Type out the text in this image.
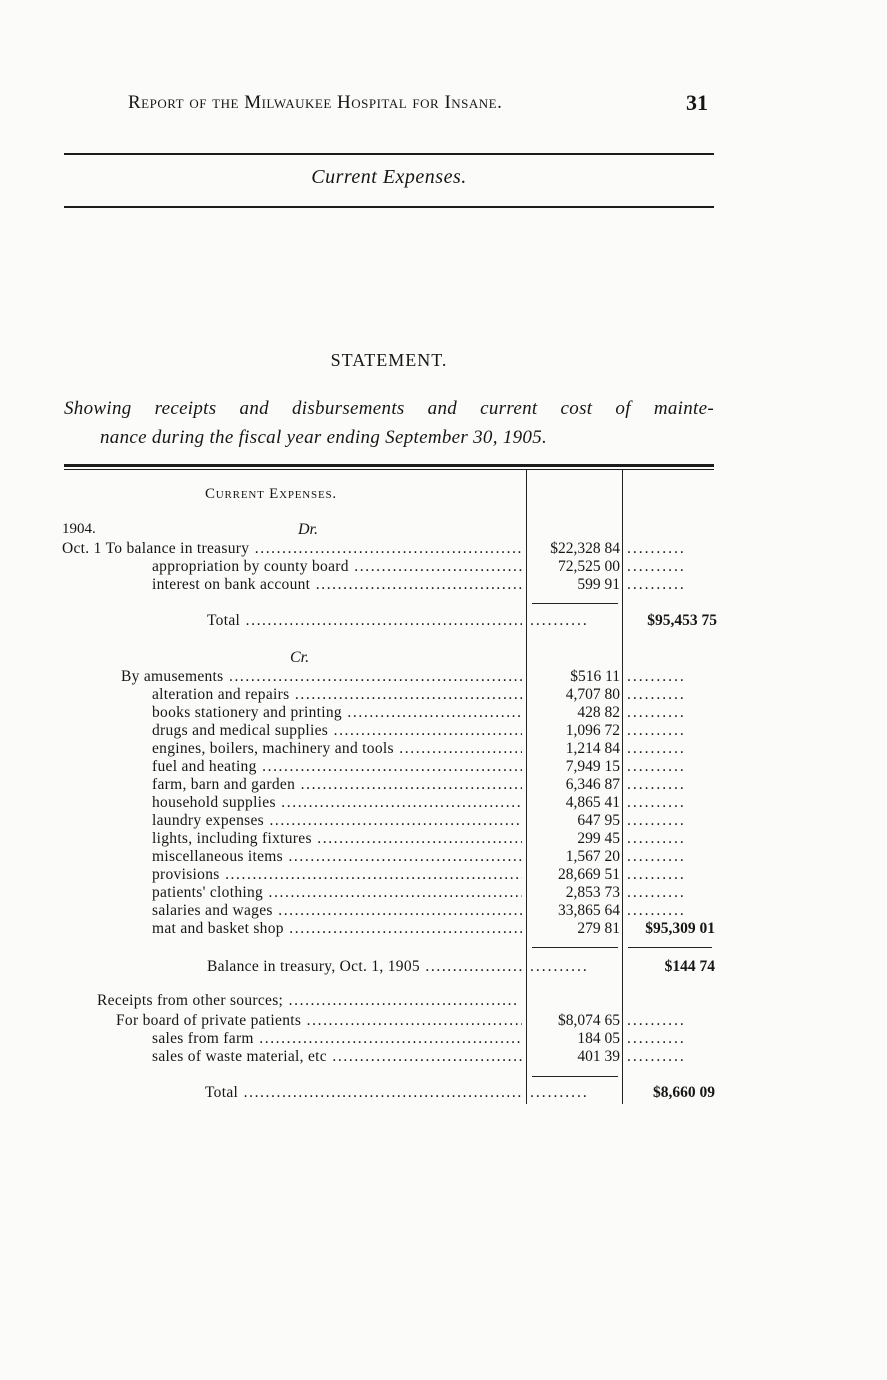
Report of the Milwaukee Hospital for Insane.	31
Current Expenses.
STATEMENT.
Showing receipts and disbursements and current cost of mainte-
nance during the fiscal year ending September 30, 1905.
Current Expenses.
1904.	Dr.
Oct. 1 To balance in treasury .....	$22,328 84 ..........
appropriation by county board .....	72,525 00 ..........
interest on bank account .....	599 91 ..........
Total .....	..........	$95,453 75
Cr.
By amusements .....	$516 11 ..........
alteration and repairs .....	4,707 80 ..........
books stationery and printing .....	428 82 ..........
drugs and medical supplies .....	1,096 72 ..........
engines, boilers, machinery and tools .....	1,214 84 ..........
fuel and heating .....	7,949 15 ..........
farm, barn and garden .....	6,346 87 ..........
household supplies .....	4,865 41 ..........
laundry expenses .....	647 95 ..........
lights, including fixtures .....	299 45 ..........
miscellaneous items .....	1,567 20 ..........
provisions .....	28,669 51 ..........
patients' clothing .....	2,853 73 ..........
salaries and wages .....	33,865 64 ..........
mat and basket shop .....	279 81 $95,309 01
Balance in treasury, Oct. 1, 1905 .....	..........	$144 74
Receipts from other sources; .....
For board of private patients .....	$8,074 65 ..........
sales from farm .....	184 05 ..........
sales of waste material, etc .....	401 39 ..........
Total .....	..........	$8,660 09
